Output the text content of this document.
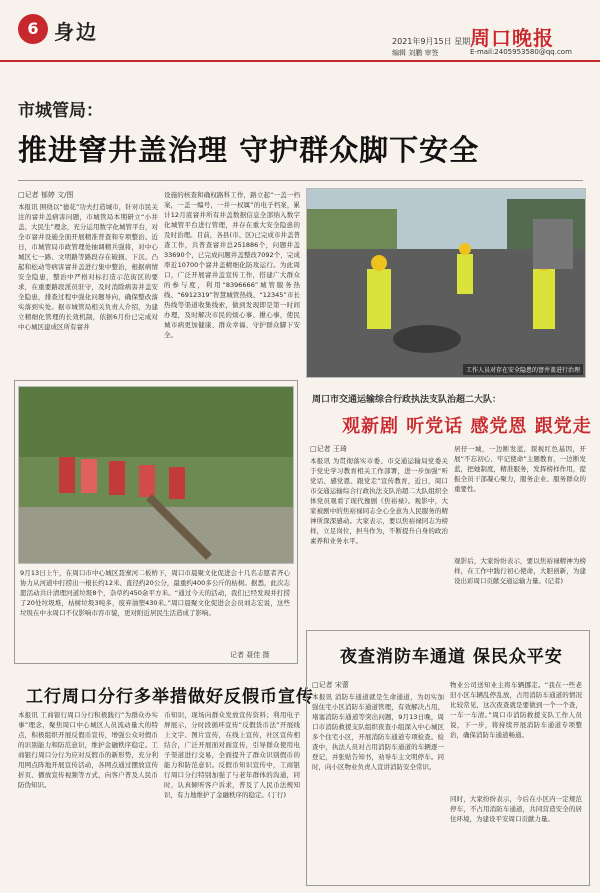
6 身边	2021年9月15日 星期三
编辑 刘鹏 审签
周口晚报
E-mail:2405953580@qq.com
市城管局：
推进窨井盖治理 守护群众脚下安全
□记者 郁婷 文/图
本报讯 围绕以“德花”功夫打造城市，针对市民关注的窨井盖病害问题，市城管局本期研立“小井盖、大民生”理念，充分运用数字化城管平台，对全市窨井设施全面开展精准普查和专项整治。近日，市城管局市政管理处抽调精兵强将，对中心城区七一路、文明路等路段存在破损、下沉、凸起和松动等病害窨井盖进行集中整治，根据病情安全隐患，整治中严格对标打造示范街区的要求，在重要路段派员驻守，及时消除病害井盖安全隐患，排查过程中强化问题导向，确保整改落实落到实处。据市城管局相关负责人介绍，为建立精细化管理的长效机制，依据6月份已完成对中心城区建成区所有窨井
设施的核查和确权路科工作，路立起“一盖一档案，一盖一编号，一井一权属”的电子档案，累计12月底窨井所有井盖数据信息全部纳入数字化城管平台进行管理，并存在重大安全隐患的及时治理。目前，各县(市、区)已完成市井盖普查工作，共普查窨井总251886个，问题井盖33690个，已完成问题井盖整改7092个，完成率近10700个窨井盖精细化防攻运行。为此周口，广泛开展窨井盖宣传工作，搭建广大群众的参与度，利用“8396666”城管服务热线、“6912319”智慧城管热线、“12345”市长热线等渠道收集线索，做到发现即是第一时间办理，及时解决市民的烦心事、揪心事，使民城市病更加健康、群众幸福、守护群众脚下安全。
工作人员对存在安全隐患的窨井盖进行治理
9月13日上午，在周口市中心城区聂寨河二板桥下，周口市晨聚文化促进会十几名志愿者齐心协力从河道中打捞出一根长约12米、直径约20公分，最重约400多公斤的枯树。据悉，此次志愿活动共计清理河道垃圾8个，杂草约450余平方米。“通过今天的活动，我们已经发现并打捞了20处垃圾堆，枯树垃圾3吨多，废弃油塑430米。”周口晨聚文化促进会会员刘志宏说，这些垃圾在中水周口不仅影响市容市貌，更对附近居民生活造成了影响。
记者 聂佳 摄
工行周口分行多举措做好反假币宣传
本报讯 工商银行周口分行积极践行“为群众办实事”理念，聚焦周口中心城区人员流动量大的特点，积极组织开展反假币宣传，增强公众对假币的识别能力和防范意识，维护金融秩序稳定。工商银行周口分行为应对反假币的新形势，充分利用网点阵地开展宣传活动，各网点通过摆放宣传折页、播放宣传视频等方式，向客户普及人民币防伪知识。
币知识，现场向群众发放宣传资料；利用电子屏展示，分时段循环宣传“反假货币法”开展线上文字、图片宣传，在线上宣传，社区宣传相结合，广泛开展面对面宣传，引导群众使用电子渠道进行交易，全面提升了群众识别假币的能力和防范意识。反假币知识宣传中，工商银行周口分行特别加强了与老年群体的沟通，同时，认真倾听客户诉求，普及了人民币法规知识，有力地维护了金融秩序的稳定。(丁行)
周口市交通运输综合行政执法支队治超二大队：
观新剧 听党话 感党恩 跟党走
□记者 王琦
本报讯 为贯彻落实市委、市交通运输局党委关于党史学习教育相关工作部署，进一步加强“听党话、感党恩、跟党走”宣传教育，近日，周口市交通运输综合行政执法支队治超二大队组织全体党员观看了现代豫剧《焦裕禄》。观影中，大家被剧中的焦裕禄同志全心全意为人民服务的精神所深深感动。大家表示，要以焦裕禄同志为榜样，立足岗位，担当作为，不断提升自身的政治素养和业务水平。
居仔一城，一边断发蓝，探视红色基因，开展“不忘初心、牢记使命”主题教育，一边断发蓝，把她制度，精准服务，发挥榜样作用，提振全员干部凝心聚力，服务企业、服务群众的重要性。
观影后，大家纷纷表示，要以焦裕禄精神为榜样，在工作中践行初心使命，大胆创新，为建设出彩周口贡献交通运输力量。(记者)
夜查消防车通道 保民众平安
□记者 宋蕾
本报讯 消防车通道就是生命通道，为切实加强住宅小区消防车通道管理，有效解决占用、堵塞消防车通道等突出问题，9月13日晚，周口市消防救援支队组织夜查小组深入中心城区多个住宅小区，开展消防车通道专项检查。检查中，执法人员对占用消防车通道的车辆逐一登记，并张贴告知书，劝导车主文明停车。同时，向小区物业负责人宣讲消防安全常识。
物业公司送知业主将车辆挪走。“我在一些老旧小区车辆乱停乱放，占用消防车通道的情况比较常见，这次夜查就是要做到一个一个查，一车一车清。”周口市消防救援支队工作人员说，下一步，将持续开展消防车通道专项整治，确保消防车通道畅通。
同时，大家纷纷表示，今后在小区内一定规范停车，不占用消防车通道，共同营造安全的居住环境，为建设平安周口贡献力量。
